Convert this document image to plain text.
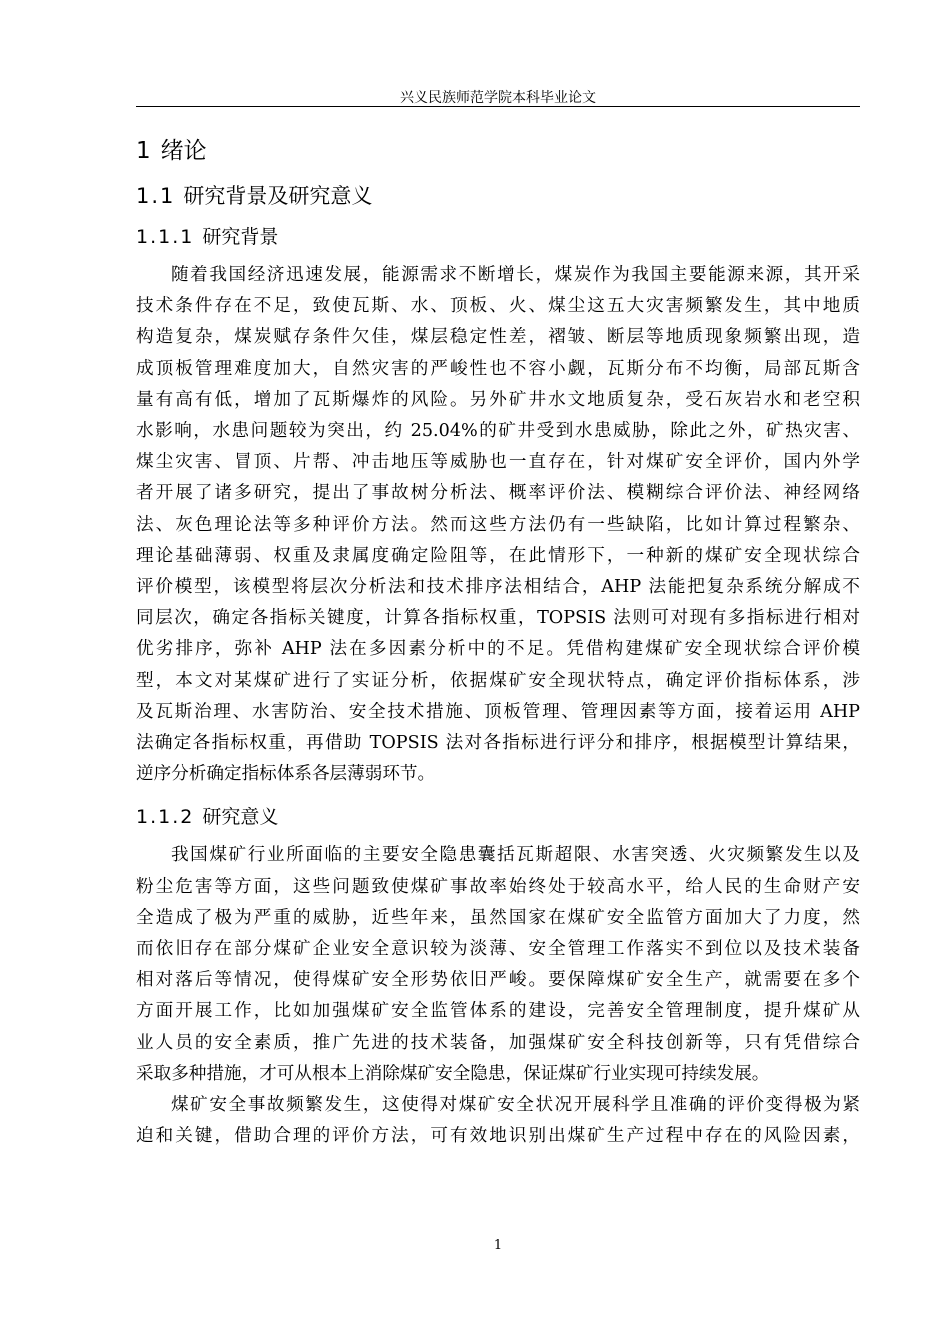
兴义民族师范学院本科毕业论文
1 绪论
1.1 研究背景及研究意义
1.1.1 研究背景

随着我国经济迅速发展，能源需求不断增长，煤炭作为我国主要能源来源，其开采
技术条件存在不足，致使瓦斯、水、顶板、火、煤尘这五大灾害频繁发生，其中地质
构造复杂，煤炭赋存条件欠佳，煤层稳定性差，褶皱、断层等地质现象频繁出现，造
成顶板管理难度加大，自然灾害的严峻性也不容小觑，瓦斯分布不均衡，局部瓦斯含
量有高有低，增加了瓦斯爆炸的风险。另外矿井水文地质复杂，受石灰岩水和老空积
水影响，水患问题较为突出，约 25.04%的矿井受到水患威胁，除此之外，矿热灾害、
煤尘灾害、冒顶、片帮、冲击地压等威胁也一直存在，针对煤矿安全评价，国内外学
者开展了诸多研究，提出了事故树分析法、概率评价法、模糊综合评价法、神经网络
法、灰色理论法等多种评价方法。然而这些方法仍有一些缺陷，比如计算过程繁杂、
理论基础薄弱、权重及隶属度确定险阻等，在此情形下，一种新的煤矿安全现状综合
评价模型，该模型将层次分析法和技术排序法相结合，AHP 法能把复杂系统分解成不
同层次，确定各指标关键度，计算各指标权重，TOPSIS 法则可对现有多指标进行相对
优劣排序，弥补 AHP 法在多因素分析中的不足。凭借构建煤矿安全现状综合评价模
型，本文对某煤矿进行了实证分析，依据煤矿安全现状特点，确定评价指标体系，涉
及瓦斯治理、水害防治、安全技术措施、顶板管理、管理因素等方面，接着运用 AHP
法确定各指标权重，再借助 TOPSIS 法对各指标进行评分和排序，根据模型计算结果，
逆序分析确定指标体系各层薄弱环节。

1.1.2 研究意义

我国煤矿行业所面临的主要安全隐患囊括瓦斯超限、水害突透、火灾频繁发生以及
粉尘危害等方面，这些问题致使煤矿事故率始终处于较高水平，给人民的生命财产安
全造成了极为严重的威胁，近些年来，虽然国家在煤矿安全监管方面加大了力度，然
而依旧存在部分煤矿企业安全意识较为淡薄、安全管理工作落实不到位以及技术装备
相对落后等情况，使得煤矿安全形势依旧严峻。要保障煤矿安全生产，就需要在多个
方面开展工作，比如加强煤矿安全监管体系的建设，完善安全管理制度，提升煤矿从
业人员的安全素质，推广先进的技术装备，加强煤矿安全科技创新等，只有凭借综合
采取多种措施，才可从根本上消除煤矿安全隐患，保证煤矿行业实现可持续发展。

煤矿安全事故频繁发生，这使得对煤矿安全状况开展科学且准确的评价变得极为紧
迫和关键，借助合理的评价方法，可有效地识别出煤矿生产过程中存在的风险因素，

1
